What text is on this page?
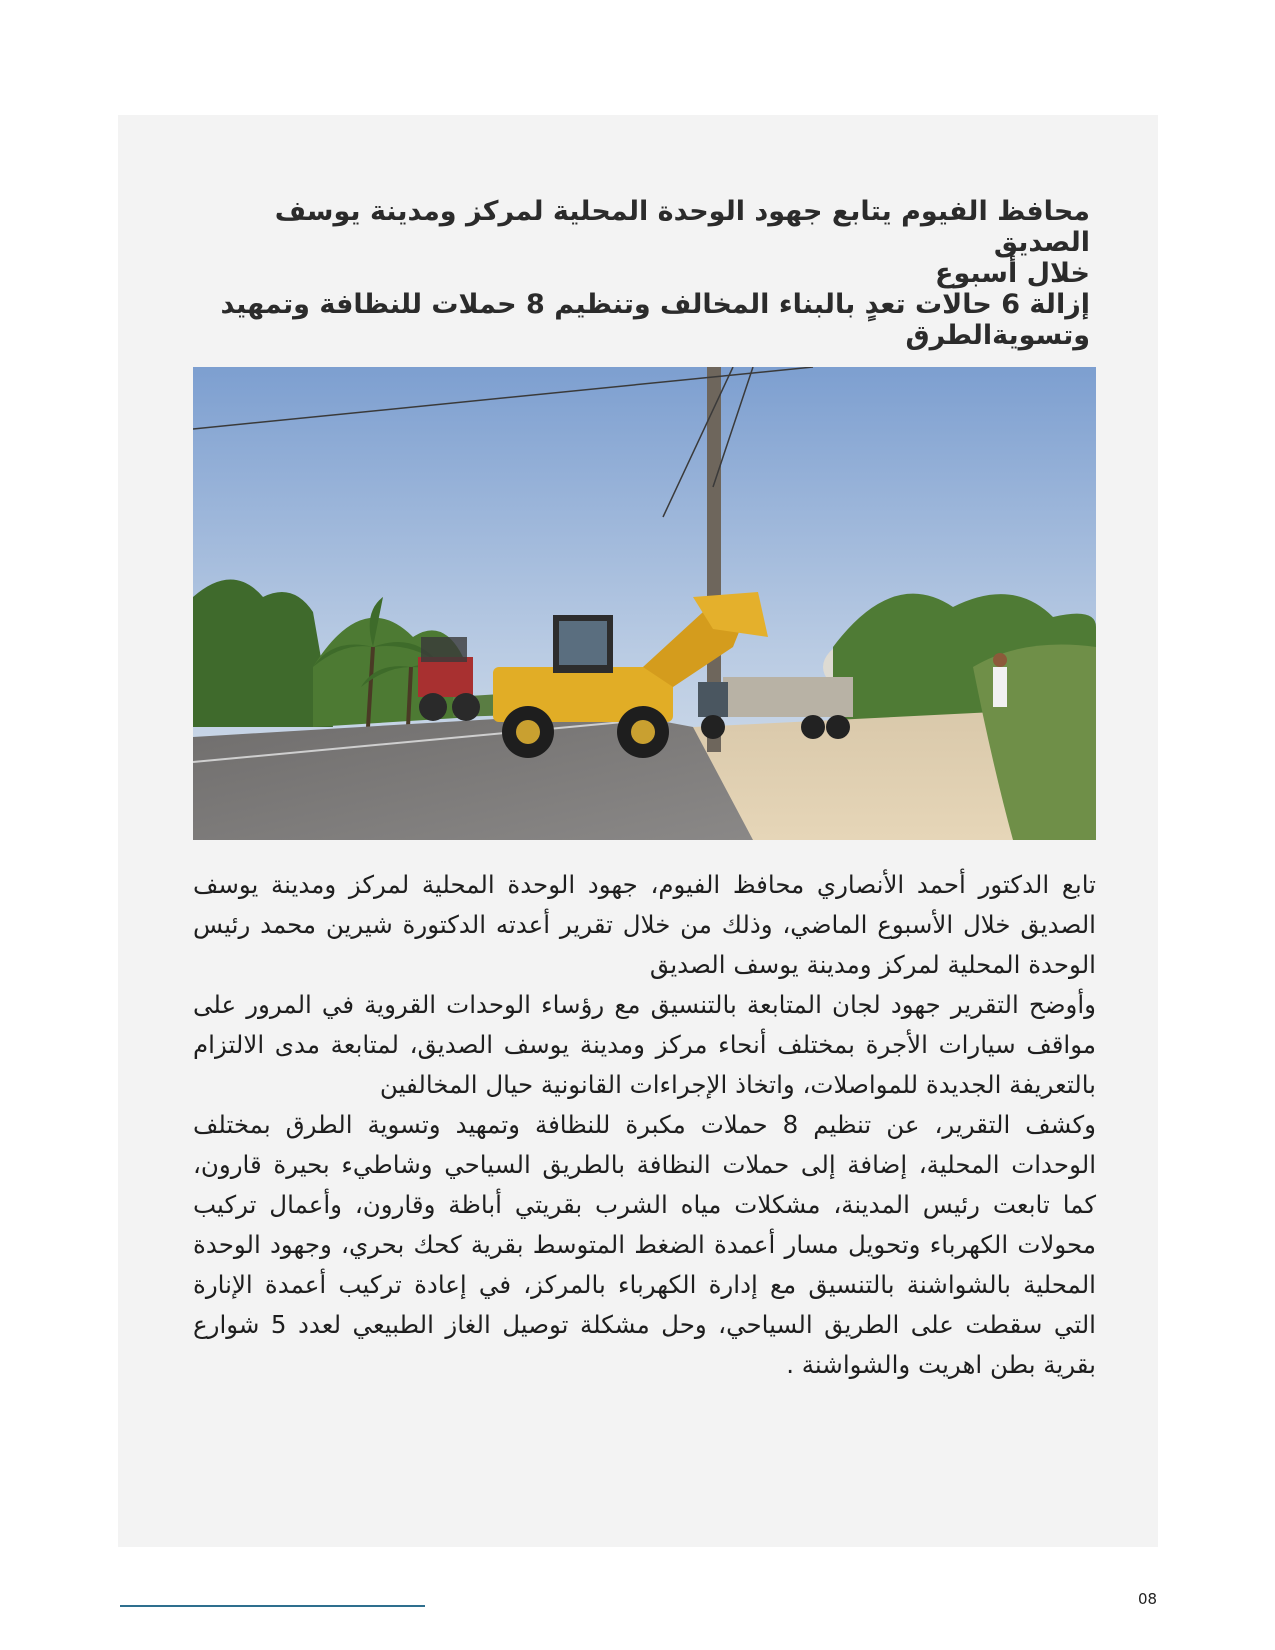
محافظ الفيوم يتابع جهود الوحدة المحلية لمركز ومدينة يوسف الصديق
خلال أسبوع
إزالة 6 حالات تعدٍ بالبناء المخالف وتنظيم 8 حملات للنظافة وتمهيد
وتسويةالطرق

تابع الدكتور أحمد الأنصاري محافظ الفيوم، جهود الوحدة المحلية لمركز ومدينة يوسف الصديق خلال الأسبوع الماضي، وذلك من خلال تقرير أعدته الدكتورة شيرين محمد رئيس الوحدة المحلية لمركز ومدينة يوسف الصديق

وأوضح التقرير جهود لجان المتابعة بالتنسيق مع رؤساء الوحدات القروية في المرور على مواقف سيارات الأجرة بمختلف أنحاء مركز ومدينة يوسف الصديق، لمتابعة مدى الالتزام بالتعريفة الجديدة للمواصلات، واتخاذ الإجراءات القانونية حيال المخالفين

وكشف التقرير، عن تنظيم 8 حملات مكبرة للنظافة وتمهيد وتسوية الطرق بمختلف الوحدات المحلية، إضافة إلى حملات النظافة بالطريق السياحي وشاطيء بحيرة قارون، كما تابعت رئيس المدينة، مشكلات مياه الشرب بقريتي أباظة وقارون، وأعمال تركيب محولات الكهرباء وتحويل مسار أعمدة الضغط المتوسط بقرية كحك بحري، وجهود الوحدة المحلية بالشواشنة بالتنسيق مع إدارة الكهرباء بالمركز، في إعادة تركيب أعمدة الإنارة التي سقطت على الطريق السياحي، وحل مشكلة توصيل الغاز الطبيعي لعدد 5 شوارع بقرية بطن اهريت والشواشنة .

08
